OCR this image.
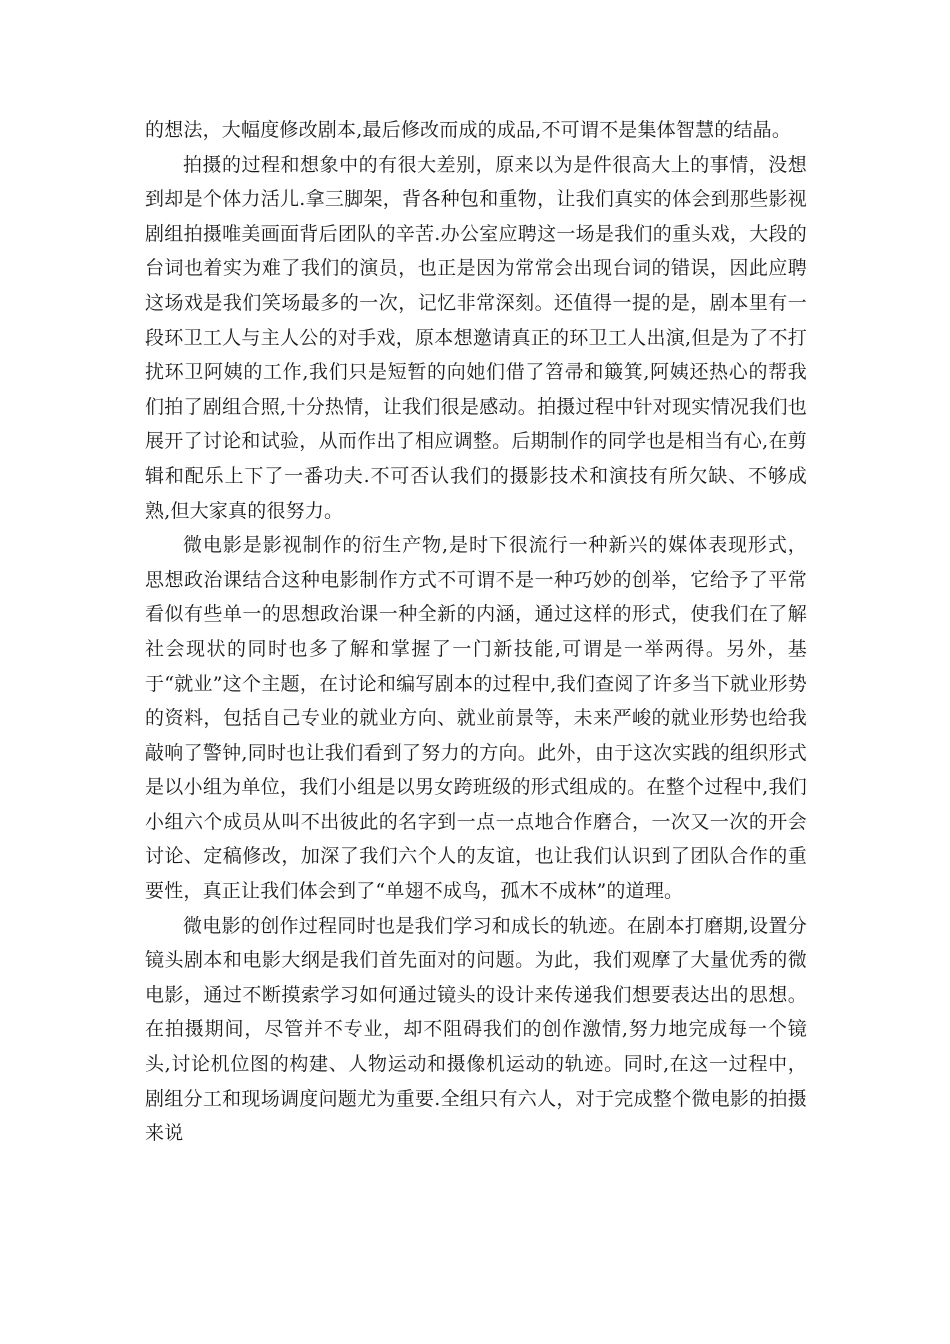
的想法，大幅度修改剧本,最后修改而成的成品,不可谓不是集体智慧的结晶。

拍摄的过程和想象中的有很大差别，原来以为是件很高大上的事情，没想到却是个体力活儿.拿三脚架，背各种包和重物，让我们真实的体会到那些影视剧组拍摄唯美画面背后团队的辛苦.办公室应聘这一场是我们的重头戏，大段的台词也着实为难了我们的演员，也正是因为常常会出现台词的错误，因此应聘这场戏是我们笑场最多的一次，记忆非常深刻。还值得一提的是，剧本里有一段环卫工人与主人公的对手戏，原本想邀请真正的环卫工人出演,但是为了不打扰环卫阿姨的工作,我们只是短暂的向她们借了笤帚和簸箕,阿姨还热心的帮我们拍了剧组合照,十分热情，让我们很是感动。拍摄过程中针对现实情况我们也展开了讨论和试验，从而作出了相应调整。后期制作的同学也是相当有心,在剪辑和配乐上下了一番功夫.不可否认我们的摄影技术和演技有所欠缺、不够成熟,但大家真的很努力。

微电影是影视制作的衍生产物,是时下很流行一种新兴的媒体表现形式， 思想政治课结合这种电影制作方式不可谓不是一种巧妙的创举，它给予了平常看似有些单一的思想政治课一种全新的内涵，通过这样的形式，使我们在了解社会现状的同时也多了解和掌握了一门新技能,可谓是一举两得。另外，基于“就业”这个主题，在讨论和编写剧本的过程中,我们查阅了许多当下就业形势的资料，包括自己专业的就业方向、就业前景等，未来严峻的就业形势也给我敲响了警钟,同时也让我们看到了努力的方向。此外，由于这次实践的组织形式是以小组为单位，我们小组是以男女跨班级的形式组成的。在整个过程中,我们小组六个成员从叫不出彼此的名字到一点一点地合作磨合，一次又一次的开会讨论、定稿修改，加深了我们六个人的友谊，也让我们认识到了团队合作的重要性，真正让我们体会到了“单翅不成鸟，孤木不成林”的道理。

微电影的创作过程同时也是我们学习和成长的轨迹。在剧本打磨期,设置分镜头剧本和电影大纲是我们首先面对的问题。为此，我们观摩了大量优秀的微电影，通过不断摸索学习如何通过镜头的设计来传递我们想要表达出的思想。在拍摄期间，尽管并不专业，却不阻碍我们的创作激情,努力地完成每一个镜头,讨论机位图的构建、人物运动和摄像机运动的轨迹。同时,在这一过程中，剧组分工和现场调度问题尤为重要.全组只有六人，对于完成整个微电影的拍摄来说
